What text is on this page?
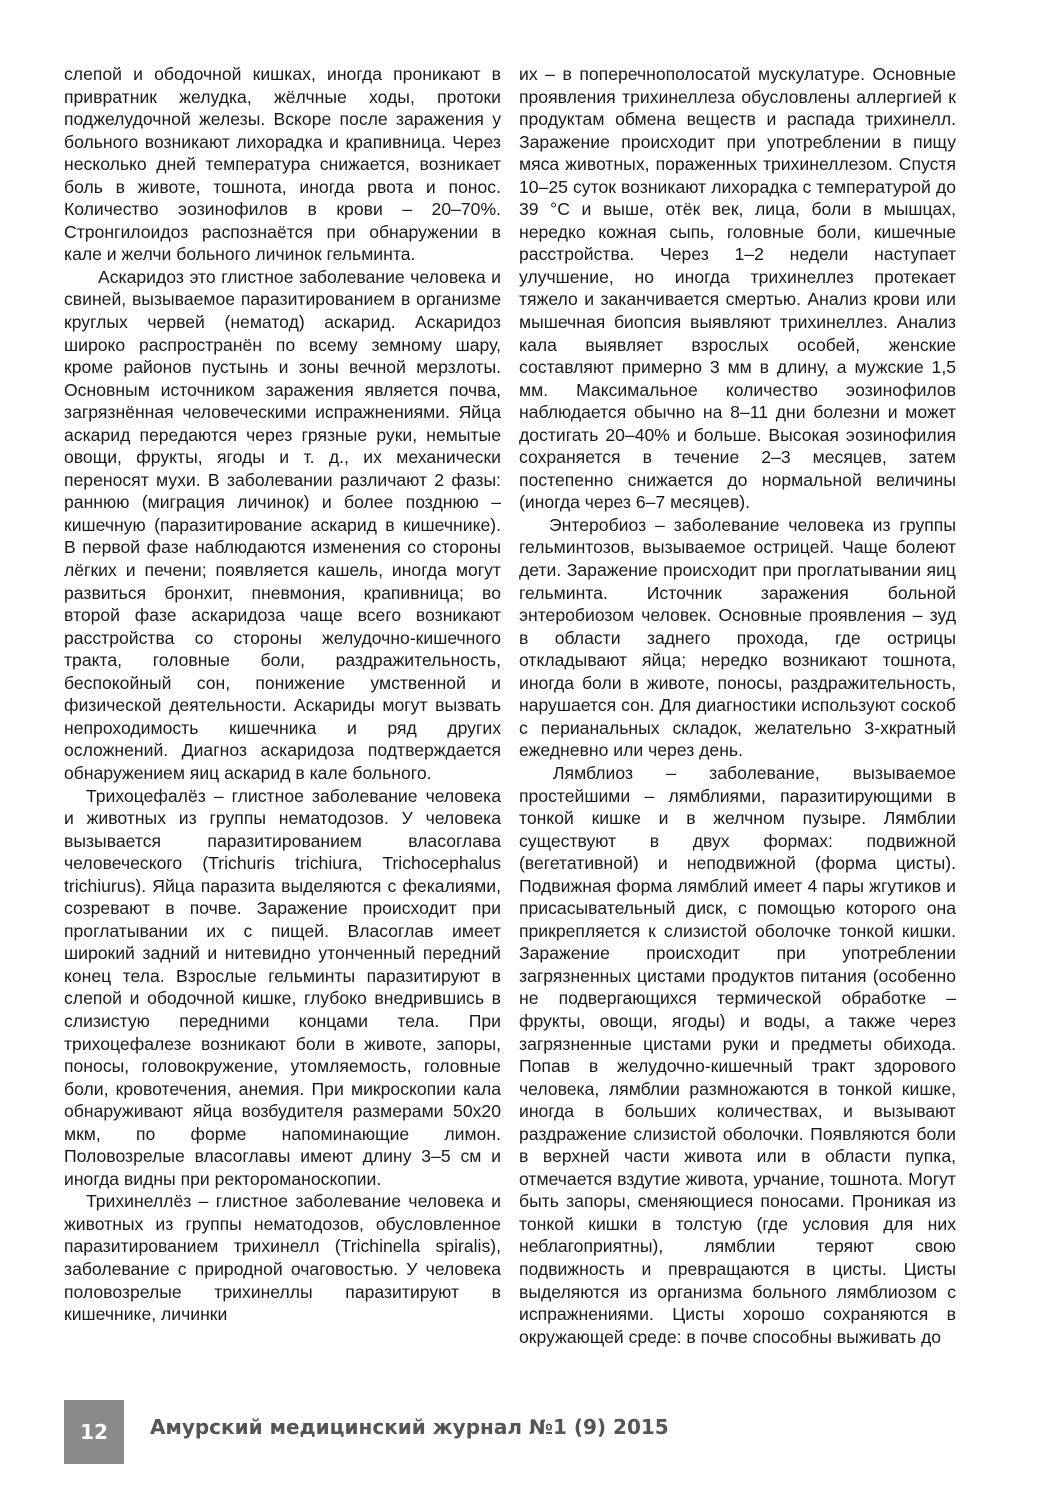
слепой и ободочной кишках, иногда проникают в привратник желудка, жёлчные ходы, протоки поджелудочной железы. Вскоре после заражения у больного возникают лихорадка и крапивница. Через несколько дней температура снижается, возникает боль в животе, тошнота, иногда рвота и понос. Количество эозинофилов в крови – 20–70%. Стронгилоидоз распознаётся при обнаружении в кале и желчи больного личинок гельминта.

Аскаридоз это глистное заболевание человека и свиней, вызываемое паразитированием в организме круглых червей (нематод) аскарид. Аскаридоз широко распространён по всему земному шару, кроме районов пустынь и зоны вечной мерзлоты. Основным источником заражения является почва, загрязнённая человеческими испражнениями. Яйца аскарид передаются через грязные руки, немытые овощи, фрукты, ягоды и т. д., их механически переносят мухи. В заболевании различают 2 фазы: раннюю (миграция личинок) и более позднюю – кишечную (паразитирование аскарид в кишечнике). В первой фазе наблюдаются изменения со стороны лёгких и печени; появляется кашель, иногда могут развиться бронхит, пневмония, крапивница; во второй фазе аскаридоза чаще всего возникают расстройства со стороны желудочно-кишечного тракта, головные боли, раздражительность, беспокойный сон, понижение умственной и физической деятельности. Аскариды могут вызвать непроходимость кишечника и ряд других осложнений. Диагноз аскаридоза подтверждается обнаружением яиц аскарид в кале больного.

Трихоцефалёз – глистное заболевание человека и животных из группы нематодозов. У человека вызывается паразитированием власоглава человеческого (Trichuris trichiura, Trichocephalus trichiurus). Яйца паразита выделяются с фекалиями, созревают в почве. Заражение происходит при проглатывании их с пищей. Власоглав имеет широкий задний и нитевидно утонченный передний конец тела. Взрослые гельминты паразитируют в слепой и ободочной кишке, глубоко внедрившись в слизистую передними концами тела. При трихоцефалезе возникают боли в животе, запоры, поносы, головокружение, утомляемость, головные боли, кровотечения, анемия. При микроскопии кала обнаруживают яйца возбудителя размерами 50х20 мкм, по форме напоминающие лимон. Половозрелые власоглавы имеют длину 3–5 см и иногда видны при ректороманоскопии.

Трихинеллёз – глистное заболевание человека и животных из группы нематодозов, обусловленное паразитированием трихинелл (Trichinella spiralis), заболевание с природной очаговостью. У человека половозрелые трихинеллы паразитируют в кишечнике, личинки

их – в поперечнополосатой мускулатуре. Основные проявления трихинеллеза обусловлены аллергией к продуктам обмена веществ и распада трихинелл. Заражение происходит при употреблении в пищу мяса животных, пораженных трихинеллезом. Спустя 10–25 суток возникают лихорадка с температурой до 39 °С и выше, отёк век, лица, боли в мышцах, нередко кожная сыпь, головные боли, кишечные расстройства. Через 1–2 недели наступает улучшение, но иногда трихинеллез протекает тяжело и заканчивается смертью. Анализ крови или мышечная биопсия выявляют трихинеллез. Анализ кала выявляет взрослых особей, женские составляют примерно 3 мм в длину, а мужские 1,5 мм. Максимальное количество эозинофилов наблюдается обычно на 8–11 дни болезни и может достигать 20–40% и больше. Высокая эозинофилия сохраняется в течение 2–3 месяцев, затем постепенно снижается до нормальной величины (иногда через 6–7 месяцев).

Энтеробиоз – заболевание человека из группы гельминтозов, вызываемое острицей. Чаще болеют дети. Заражение происходит при проглатывании яиц гельминта. Источник заражения больной энтеробиозом человек. Основные проявления – зуд в области заднего прохода, где острицы откладывают яйца; нередко возникают тошнота, иногда боли в животе, поносы, раздражительность, нарушается сон. Для диагностики используют соскоб с перианальных складок, желательно 3-хкратный ежедневно или через день.

Лямблиоз – заболевание, вызываемое простейшими – лямблиями, паразитирующими в тонкой кишке и в желчном пузыре. Лямблии существуют в двух формах: подвижной (вегетативной) и неподвижной (форма цисты). Подвижная форма лямблий имеет 4 пары жгутиков и присасывательный диск, с помощью которого она прикрепляется к слизистой оболочке тонкой кишки. Заражение происходит при употреблении загрязненных цистами продуктов питания (особенно не подвергающихся термической обработке – фрукты, овощи, ягоды) и воды, а также через загрязненные цистами руки и предметы обихода. Попав в желудочно-кишечный тракт здорового человека, лямблии размножаются в тонкой кишке, иногда в больших количествах, и вызывают раздражение слизистой оболочки. Появляются боли в верхней части живота или в области пупка, отмечается вздутие живота, урчание, тошнота. Могут быть запоры, сменяющиеся поносами. Проникая из тонкой кишки в толстую (где условия для них неблагоприятны), лямблии теряют свою подвижность и превращаются в цисты. Цисты выделяются из организма больного лямблиозом с испражнениями. Цисты хорошо сохраняются в окружающей среде: в почве способны выживать до

12	Амурский медицинский журнал №1 (9) 2015
